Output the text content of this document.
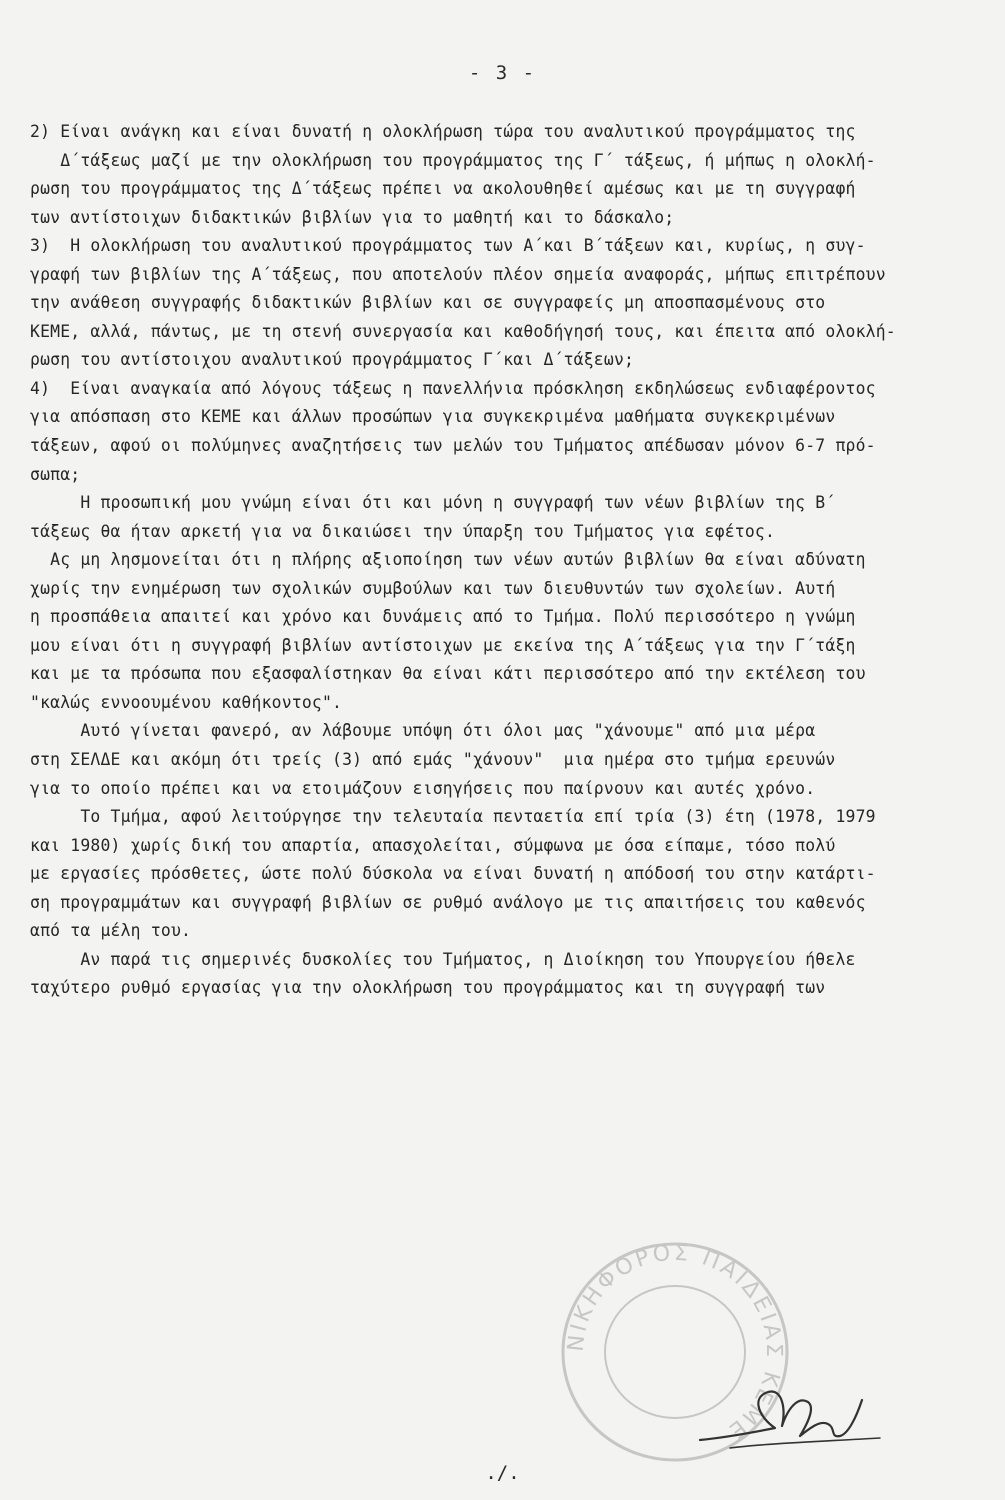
- 3 -
2) Είναι ανάγκη και είναι δυνατή η ολοκλήρωση τώρα του αναλυτικού προγράμματος της
Δ΄τάξεως μαζί με την ολοκλήρωση του προγράμματος της Γ΄ τάξεως, ή μήπως η ολοκλή-
ρωση του προγράμματος της Δ΄τάξεως πρέπει να ακολουθηθεί αμέσως και με τη συγγραφή
των αντίστοιχων διδακτικών βιβλίων για το μαθητή και το δάσκαλο;
3)  Η ολοκλήρωση του αναλυτικού προγράμματος των Α΄και Β΄τάξεων και, κυρίως, η συγ-
γραφή των βιβλίων της Α΄τάξεως, που αποτελούν πλέον σημεία αναφοράς, μήπως επιτρέπουν
την ανάθεση συγγραφής διδακτικών βιβλίων και σε συγγραφείς μη αποσπασμένους στο
ΚΕΜΕ, αλλά, πάντως, με τη στενή συνεργασία και καθοδήγησή τους, και έπειτα από ολοκλή-
ρωση του αντίστοιχου αναλυτικού προγράμματος Γ΄και Δ΄τάξεων;
4)  Είναι αναγκαία από λόγους τάξεως η πανελλήνια πρόσκληση εκδηλώσεως ενδιαφέροντος
για απόσπαση στο ΚΕΜΕ και άλλων προσώπων για συγκεκριμένα μαθήματα συγκεκριμένων
τάξεων, αφού οι πολύμηνες αναζητήσεις των μελών του Τμήματος απέδωσαν μόνον 6-7 πρό-
σωπα;
Η προσωπική μου γνώμη είναι ότι και μόνη η συγγραφή των νέων βιβλίων της Β΄
τάξεως θα ήταν αρκετή για να δικαιώσει την ύπαρξη του Τμήματος για εφέτος.
Ας μη λησμονείται ότι η πλήρης αξιοποίηση των νέων αυτών βιβλίων θα είναι αδύνατη
χωρίς την ενημέρωση των σχολικών συμβούλων και των διευθυντών των σχολείων. Αυτή
η προσπάθεια απαιτεί και χρόνο και δυνάμεις από το Τμήμα. Πολύ περισσότερο η γνώμη
μου είναι ότι η συγγραφή βιβλίων αντίστοιχων με εκείνα της Α΄τάξεως για την Γ΄τάξη
και με τα πρόσωπα που εξασφαλίστηκαν θα είναι κάτι περισσότερο από την εκτέλεση του
"καλώς εννοουμένου καθήκοντος".
Αυτό γίνεται φανερό, αν λάβουμε υπόψη ότι όλοι μας "χάνουμε" από μια μέρα
στη ΣΕΛΔΕ και ακόμη ότι τρείς (3) από εμάς "χάνουν"  μια ημέρα στο τμήμα ερευνών
για το οποίο πρέπει και να ετοιμάζουν εισηγήσεις που παίρνουν και αυτές χρόνο.
Το Τμήμα, αφού λειτούργησε την τελευταία πενταετία επί τρία (3) έτη (1978, 1979
και 1980) χωρίς δική του απαρτία, απασχολείται, σύμφωνα με όσα είπαμε, τόσο πολύ
με εργασίες πρόσθετες, ώστε πολύ δύσκολα να είναι δυνατή η απόδοσή του στην κατάρτι-
ση προγραμμάτων και συγγραφή βιβλίων σε ρυθμό ανάλογο με τις απαιτήσεις του καθενός
από τα μέλη του.
Αν παρά τις σημερινές δυσκολίες του Τμήματος, η Διοίκηση του Υπουργείου ήθελε
ταχύτερο ρυθμό εργασίας για την ολοκλήρωση του προγράμματος και τη συγγραφή των
ΝΙΚΗΦΟΡΟΣ ΠΑΙΔΕΙΑΣ ΚΕΜΕ
./.
